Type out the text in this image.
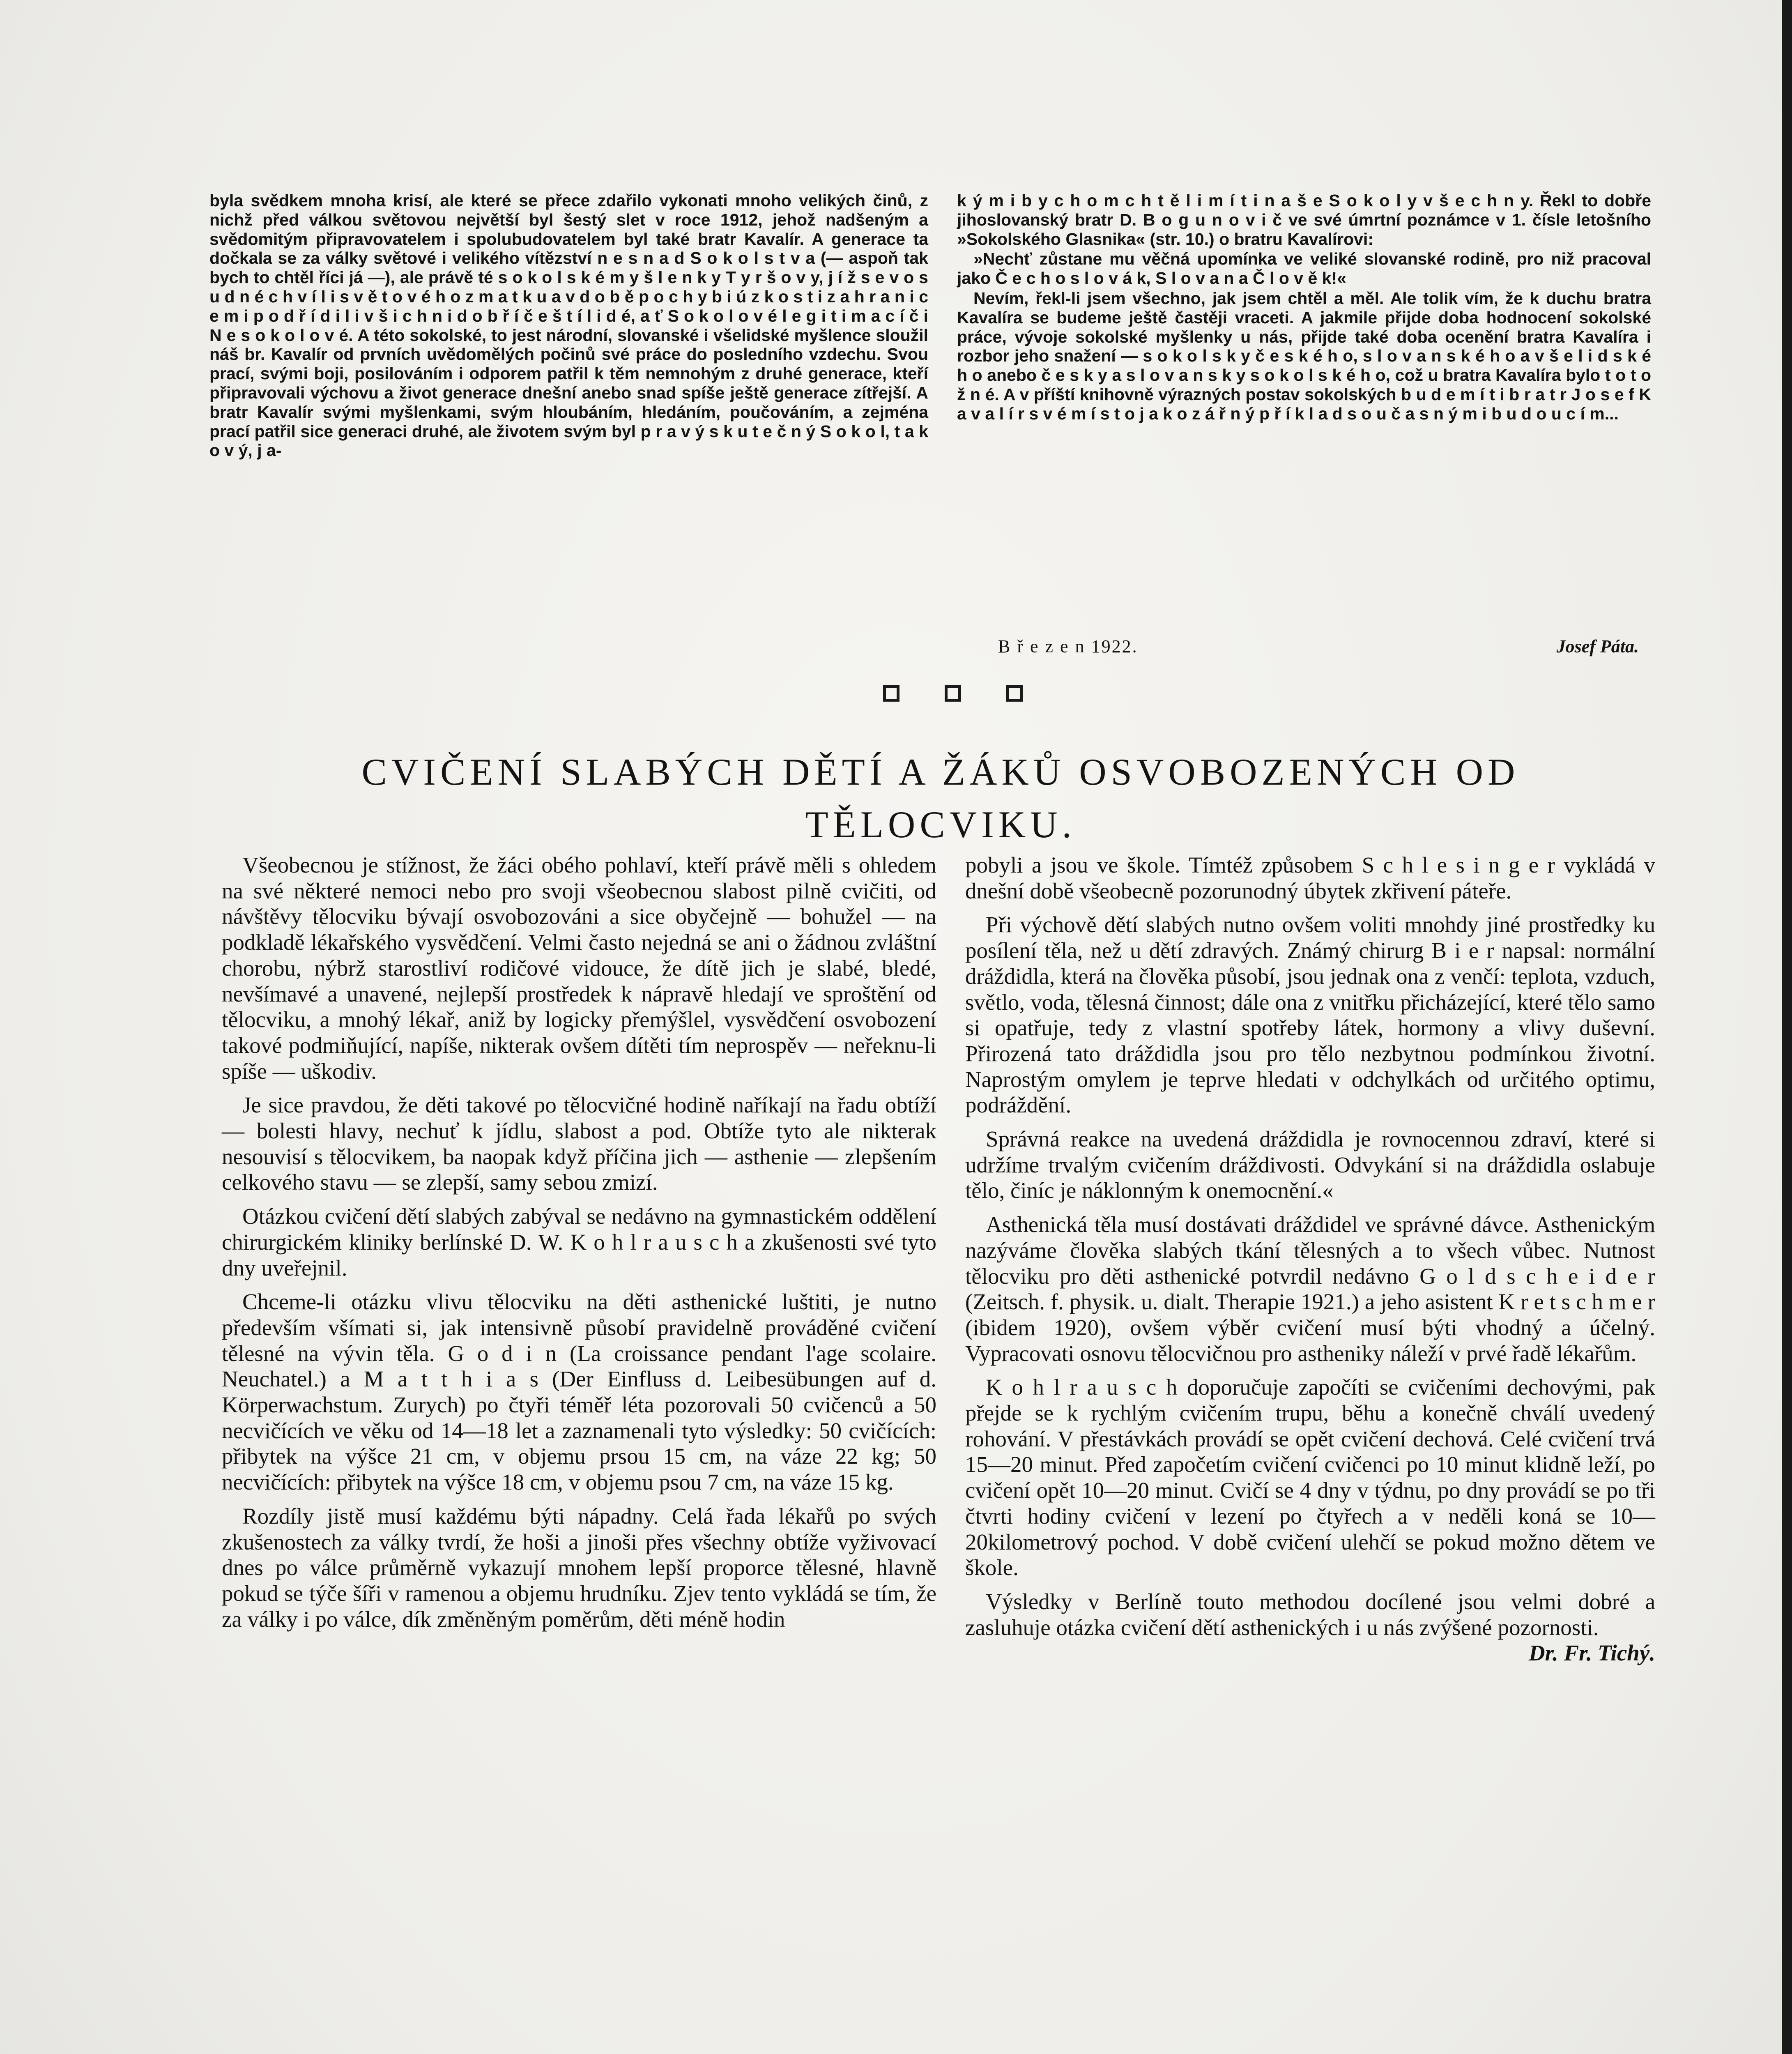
byla svědkem mnoha krisí, ale které se přece zdařilo vykonati mnoho velikých činů, z nichž před válkou světovou největší byl šestý slet v roce 1912, jehož nadšeným a svědomitým připravovatelem i spolubudovatelem byl také bratr Kavalír. A generace ta dočkala se za války světové i velikého vítězství n e s n a d S o k o l s t v a (— aspoň tak bych to chtěl říci já —), ale právě té s o k o l s k é m y š l e n k y T y r š o v y, j í ž s e v o s u d n é c h v í l i s v ě t o v é h o z m a t k u a v d o b ě p o c h y b i ú z k o s t i z a h r a n i c e m i p o d ř í d i l i v š i c h n i d o b ř í č e š t í l i d é, a ť S o k o l o v é l e g i t i m a c í č i N e s o k o l o v é. A této sokolské, to jest národní, slovanské i všelidské myšlence sloužil náš br. Kavalír od prvních uvědomělých počinů své práce do posledního vzdechu. Svou prací, svými boji, posilováním i odporem patřil k těm nemnohým z druhé generace, kteří připravovali výchovu a život generace dnešní anebo snad spíše ještě generace zítřejší. A bratr Kavalír svými myšlenkami, svým hloubáním, hledáním, poučováním, a zejména prací patřil sice generaci druhé, ale životem svým byl p r a v ý s k u t e č n ý S o k o l, t a k o v ý, j a-

k ý m i b y c h o m c h t ě l i m í t i n a š e S o k o l y v š e c h n y. Řekl to dobře jihoslovanský bratr D. B o g u n o v i č ve své úmrtní poznámce v 1. čísle letošního »Sokolského Glasnika« (str. 10.) o bratru Kavalírovi:

»Nechť zůstane mu věčná upomínka ve veliké slovanské rodině, pro niž pracoval jako Č e c h o s l o v á k, S l o v a n a Č l o v ě k!«

Nevím, řekl-li jsem všechno, jak jsem chtěl a měl. Ale tolik vím, že k duchu bratra Kavalíra se budeme ještě častěji vraceti. A jakmile přijde doba hodnocení sokolské práce, vývoje sokolské myšlenky u nás, přijde také doba ocenění bratra Kavalíra i rozbor jeho snažení — s o k o l s k y č e s k é h o, s l o v a n s k é h o a v š e l i d s k é h o anebo č e s k y a s l o v a n s k y s o k o l s k é h o, což u bratra Kavalíra bylo t o t o ž n é. A v příští knihovně výrazných postav sokolských b u d e m í t i b r a t r J o s e f K a v a l í r s v é m í s t o j a k o z á ř n ý p ř í k l a d s o u č a s n ý m i b u d o u c í m...

B ř e z e n 1922.	Josef Páta.
CVIČENÍ SLABÝCH DĚTÍ A ŽÁKŮ OSVOBOZENÝCH OD TĚLOCVIKU.

Všeobecnou je stížnost, že žáci obého pohlaví, kteří právě měli s ohledem na své některé nemoci nebo pro svoji všeobecnou slabost pilně cvičiti, od návštěvy tělocviku bývají osvobozováni a sice obyčejně — bohužel — na podkladě lékařského vysvědčení. Velmi často nejedná se ani o žádnou zvláštní chorobu, nýbrž starostliví rodičové vidouce, že dítě jich je slabé, bledé, nevšímavé a unavené, nejlepší prostředek k nápravě hledají ve sproštění od tělocviku, a mnohý lékař, aniž by logicky přemýšlel, vysvědčení osvobození takové podmiňující, napíše, nikterak ovšem dítěti tím neprospěv — neřeknu-li spíše — uškodiv.

Je sice pravdou, že děti takové po tělocvičné hodině naříkají na řadu obtíží — bolesti hlavy, nechuť k jídlu, slabost a pod. Obtíže tyto ale nikterak nesouvisí s tělocvikem, ba naopak když příčina jich — asthenie — zlepšením celkového stavu — se zlepší, samy sebou zmizí.

Otázkou cvičení dětí slabých zabýval se nedávno na gymnastickém oddělení chirurgickém kliniky berlínské D. W. K o h l r a u s c h a zkušenosti své tyto dny uveřejnil.

Chceme-li otázku vlivu tělocviku na děti asthenické luštiti, je nutno především všímati si, jak intensivně působí pravidelně prováděné cvičení tělesné na vývin těla. G o d i n (La croissance pendant l'age scolaire. Neuchatel.) a M a t t h i a s (Der Einfluss d. Leibesübungen auf d. Körperwachstum. Zurych) po čtyři téměř léta pozorovali 50 cvičenců a 50 necvičících ve věku od 14—18 let a zaznamenali tyto výsledky: 50 cvičících: přibytek na výšce 21 cm, v objemu prsou 15 cm, na váze 22 kg; 50 necvičících: přibytek na výšce 18 cm, v objemu psou 7 cm, na váze 15 kg.

Rozdíly jistě musí každému býti nápadny. Celá řada lékařů po svých zkušenostech za války tvrdí, že hoši a jinoši přes všechny obtíže vyživovací dnes po válce průměrně vykazují mnohem lepší proporce tělesné, hlavně pokud se týče šíři v ramenou a objemu hrudníku. Zjev tento vykládá se tím, že za války i po válce, dík změněným poměrům, děti méně hodin

pobyli a jsou ve škole. Tímtéž způsobem S c h l e s i n g e r vykládá v dnešní době všeobecně pozorunodný úbytek zkřivení páteře.

Při výchově dětí slabých nutno ovšem voliti mnohdy jiné prostředky ku posílení těla, než u dětí zdravých. Známý chirurg B i e r napsal: normální dráždidla, která na člověka působí, jsou jednak ona z venčí: teplota, vzduch, světlo, voda, tělesná činnost; dále ona z vnitřku přicházející, které tělo samo si opatřuje, tedy z vlastní spotřeby látek, hormony a vlivy duševní. Přirozená tato dráždidla jsou pro tělo nezbytnou podmínkou životní. Naprostým omylem je teprve hledati v odchylkách od určitého optimu, podráždění.

Správná reakce na uvedená dráždidla je rovnocennou zdraví, které si udržíme trvalým cvičením dráždivosti. Odvykání si na dráždidla oslabuje tělo, činíc je náklonným k onemocnění.«

Asthenická těla musí dostávati dráždidel ve správné dávce. Asthenickým nazýváme člověka slabých tkání tělesných a to všech vůbec. Nutnost tělocviku pro děti asthenické potvrdil nedávno G o l d s c h e i d e r (Zeitsch. f. physik. u. dialt. Therapie 1921.) a jeho asistent K r e t s c h m e r (ibidem 1920), ovšem výběr cvičení musí býti vhodný a účelný. Vypracovati osnovu tělocvičnou pro astheniky náleží v prvé řadě lékařům.

K o h l r a u s c h doporučuje započíti se cvičeními dechovými, pak přejde se k rychlým cvičením trupu, běhu a konečně chválí uvedený rohování. V přestávkách provádí se opět cvičení dechová. Celé cvičení trvá 15—20 minut. Před započetím cvičení cvičenci po 10 minut klidně leží, po cvičení opět 10—20 minut. Cvičí se 4 dny v týdnu, po dny provádí se po tři čtvrti hodiny cvičení v lezení po čtyřech a v neděli koná se 10—20kilometrový pochod. V době cvičení ulehčí se pokud možno dětem ve škole.

Výsledky v Berlíně touto methodou docílené jsou velmi dobré a zasluhuje otázka cvičení dětí asthenických i u nás zvýšené pozornosti.
Dr. Fr. Tichý.
